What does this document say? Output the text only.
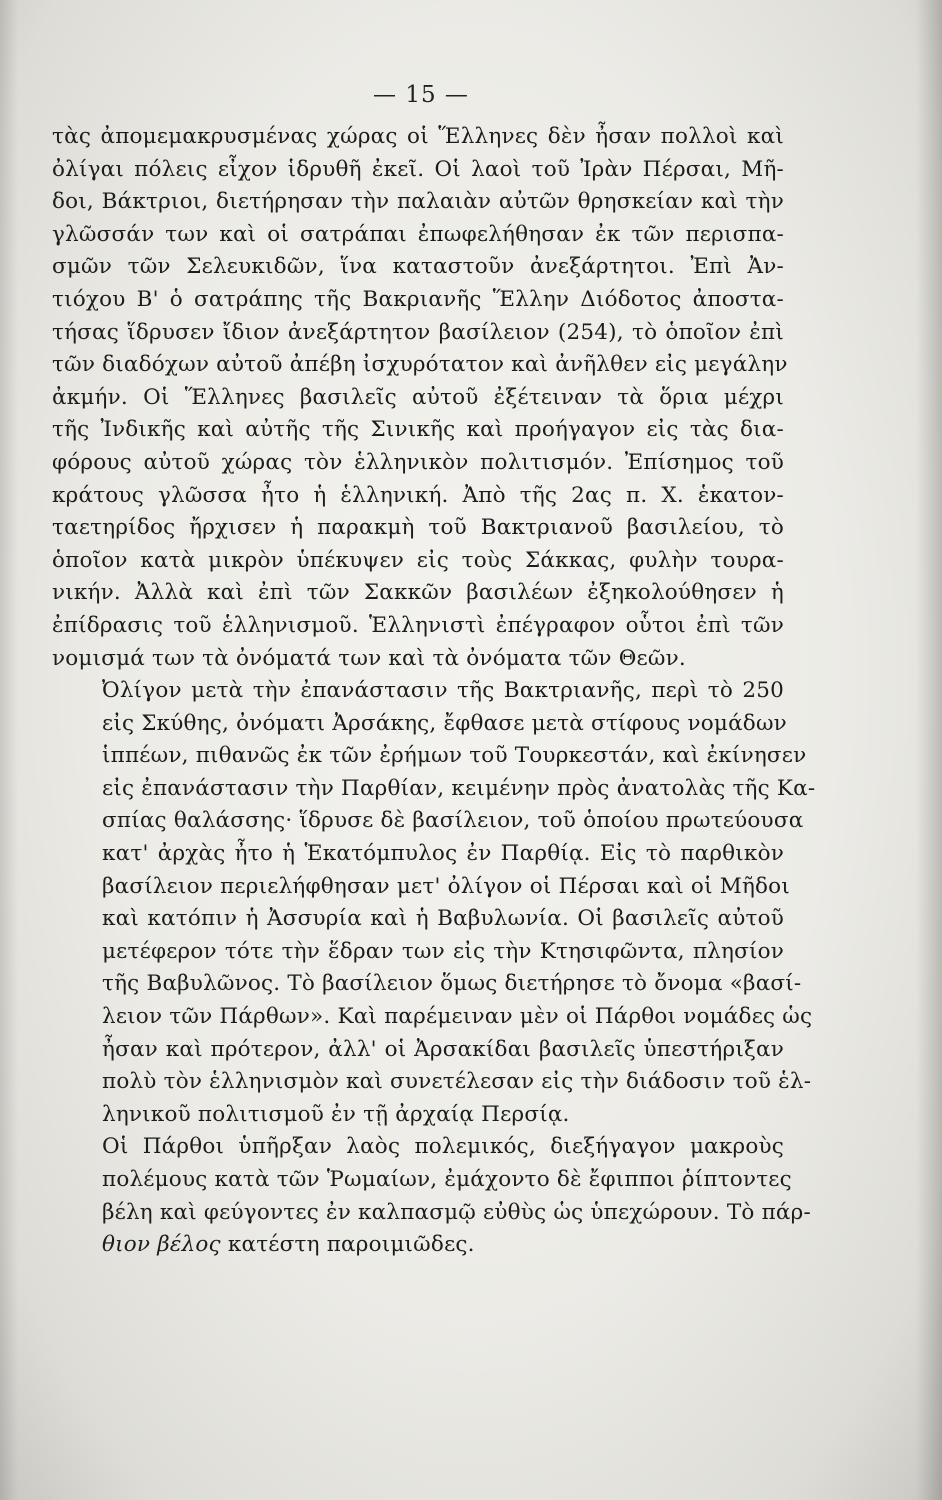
— 15 —

τὰς ἀπομεμακρυσμένας χώρας οἱ Ἕλληνες δὲν ἦσαν πολλοὶ καὶ
ὀλίγαι πόλεις εἶχον ἱδρυθῆ ἐκεῖ. Οἱ λαοὶ τοῦ Ἰρὰν Πέρσαι, Μῆ-
δοι, Βάκτριοι, διετήρησαν τὴν παλαιὰν αὐτῶν θρησκείαν καὶ τὴν
γλῶσσάν των καὶ οἱ σατράπαι ἐπωφελήθησαν ἐκ τῶν περισπα-
σμῶν τῶν Σελευκιδῶν, ἵνα καταστοῦν ἀνεξάρτητοι. Ἐπὶ Ἀν-
τιόχου Β' ὁ σατράπης τῆς Βακριανῆς Ἕλλην Διόδοτος ἀποστα-
τήσας ἵδρυσεν ἴδιον ἀνεξάρτητον βασίλειον (254), τὸ ὁποῖον ἐπὶ
τῶν διαδόχων αὐτοῦ ἀπέβη ἰσχυρότατον καὶ ἀνῆλθεν εἰς μεγάλην
ἀκμήν. Οἱ Ἕλληνες βασιλεῖς αὐτοῦ ἐξέτειναν τὰ ὅρια μέχρι
τῆς Ἰνδικῆς καὶ αὐτῆς τῆς Σινικῆς καὶ προήγαγον εἰς τὰς δια-
φόρους αὐτοῦ χώρας τὸν ἑλληνικὸν πολιτισμόν. Ἐπίσημος τοῦ
κράτους γλῶσσα ἦτο ἡ ἑλληνική. Ἀπὸ τῆς 2ας π. Χ. ἑκατον-
ταετηρίδος ἤρχισεν ἡ παρακμὴ τοῦ Βακτριανοῦ βασιλείου, τὸ
ὁποῖον κατὰ μικρὸν ὑπέκυψεν εἰς τοὺς Σάκκας, φυλὴν τουρα-
νικήν. Ἀλλὰ καὶ ἐπὶ τῶν Σακκῶν βασιλέων ἐξηκολούθησεν ἡ
ἐπίδρασις τοῦ ἑλληνισμοῦ. Ἑλληνιστὶ ἐπέγραφον οὗτοι ἐπὶ τῶν
νομισμά των τὰ ὀνόματά των καὶ τὰ ὀνόματα τῶν Θεῶν.

Ὀλίγον μετὰ τὴν ἐπανάστασιν τῆς Βακτριανῆς, περὶ τὸ 250
εἰς Σκύθης, ὀνόματι Ἀρσάκης, ἔφθασε μετὰ στίφους νομάδων
ἱππέων, πιθανῶς ἐκ τῶν ἐρήμων τοῦ Τουρκεστάν, καὶ ἐκίνησεν
εἰς ἐπανάστασιν τὴν Παρθίαν, κειμένην πρὸς ἀνατολὰς τῆς Κα-
σπίας θαλάσσης· ἵδρυσε δὲ βασίλειον, τοῦ ὁποίου πρωτεύουσα
κατ' ἀρχὰς ἦτο ἡ Ἑκατόμπυλος ἐν Παρθίᾳ. Εἰς τὸ παρθικὸν
βασίλειον περιελήφθησαν μετ' ὀλίγον οἱ Πέρσαι καὶ οἱ Μῆδοι
καὶ κατόπιν ἡ Ἀσσυρία καὶ ἡ Βαβυλωνία. Οἱ βασιλεῖς αὐτοῦ
μετέφερον τότε τὴν ἕδραν των εἰς τὴν Κτησιφῶντα, πλησίον
τῆς Βαβυλῶνος. Τὸ βασίλειον ὅμως διετήρησε τὸ ὄνομα «βασί-
λειον τῶν Πάρθων». Καὶ παρέμειναν μὲν οἱ Πάρθοι νομάδες ὡς
ἦσαν καὶ πρότερον, ἀλλ' οἱ Ἀρσακίδαι βασιλεῖς ὑπεστήριξαν
πολὺ τὸν ἑλληνισμὸν καὶ συνετέλεσαν εἰς τὴν διάδοσιν τοῦ ἑλ-
ληνικοῦ πολιτισμοῦ ἐν τῇ ἀρχαίᾳ Περσίᾳ.

Οἱ Πάρθοι ὑπῆρξαν λαὸς πολεμικός, διεξήγαγον μακροὺς
πολέμους κατὰ τῶν Ῥωμαίων, ἐμάχοντο δὲ ἔφιπποι ῥίπτοντες
βέλη καὶ φεύγοντες ἐν καλπασμῷ εὐθὺς ὡς ὑπεχώρουν. Τὸ πάρ-
θιον βέλος κατέστη παροιμιῶδες.
